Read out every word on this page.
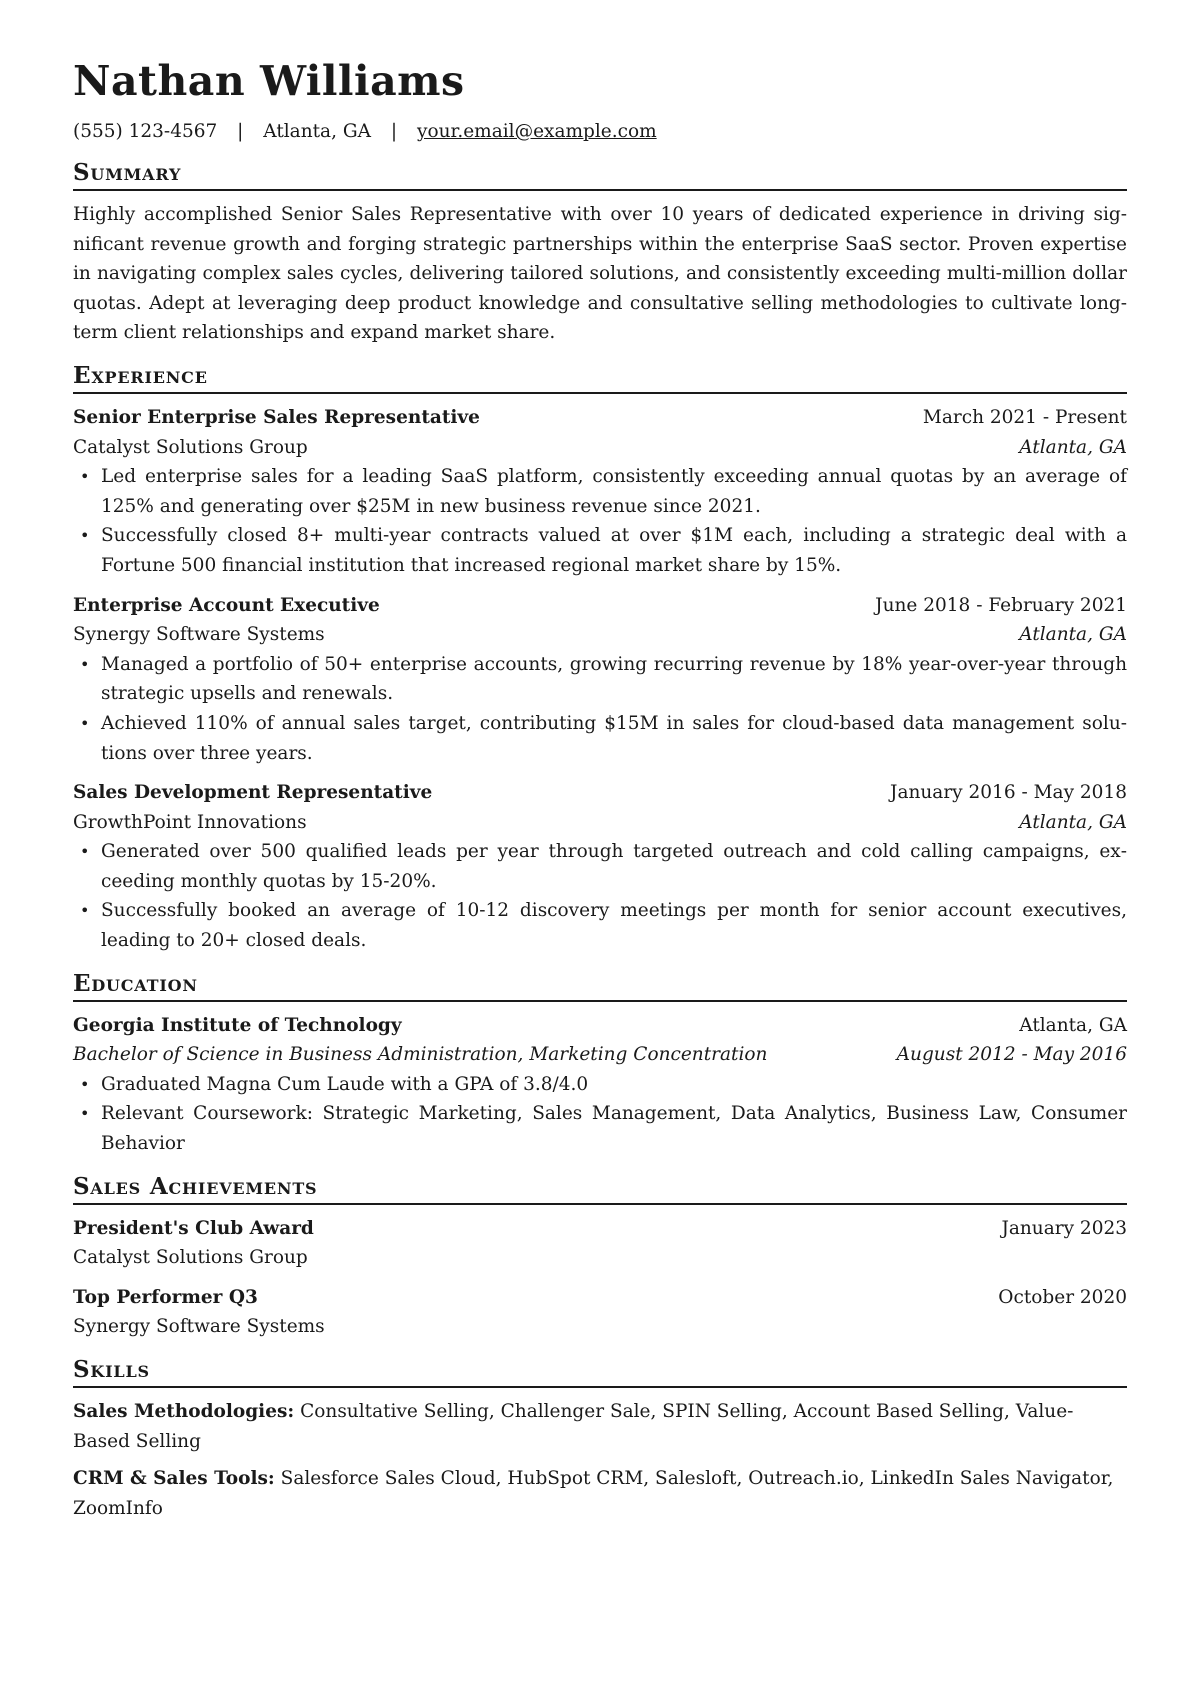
Nathan Williams
(555) 123-4567 | Atlanta, GA | your.email@example.com
Summary
Highly accomplished Senior Sales Representative with over 10 years of dedicated experience in driving significant revenue growth and forging strategic partnerships within the enterprise SaaS sector. Proven expertise in navigating complex sales cycles, delivering tailored solutions, and consistently exceeding multi-million dollar quotas. Adept at leveraging deep product knowledge and consultative selling methodologies to cultivate long-term client relationships and expand market share.
Experience
Senior Enterprise Sales Representative	March 2021 - Present
Catalyst Solutions Group	Atlanta, GA
• Led enterprise sales for a leading SaaS platform, consistently exceeding annual quotas by an average of 125% and generating over $25M in new business revenue since 2021.
• Successfully closed 8+ multi-year contracts valued at over $1M each, including a strategic deal with a Fortune 500 financial institution that increased regional market share by 15%.
Enterprise Account Executive	June 2018 - February 2021
Synergy Software Systems	Atlanta, GA
• Managed a portfolio of 50+ enterprise accounts, growing recurring revenue by 18% year-over-year through strategic upsells and renewals.
• Achieved 110% of annual sales target, contributing $15M in sales for cloud-based data management solutions over three years.
Sales Development Representative	January 2016 - May 2018
GrowthPoint Innovations	Atlanta, GA
• Generated over 500 qualified leads per year through targeted outreach and cold calling campaigns, exceeding monthly quotas by 15-20%.
• Successfully booked an average of 10-12 discovery meetings per month for senior account executives, leading to 20+ closed deals.
Education
Georgia Institute of Technology	Atlanta, GA
Bachelor of Science in Business Administration, Marketing Concentration	August 2012 - May 2016
• Graduated Magna Cum Laude with a GPA of 3.8/4.0
• Relevant Coursework: Strategic Marketing, Sales Management, Data Analytics, Business Law, Consumer Behavior
Sales Achievements
President's Club Award	January 2023
Catalyst Solutions Group
Top Performer Q3	October 2020
Synergy Software Systems
Skills
Sales Methodologies: Consultative Selling, Challenger Sale, SPIN Selling, Account Based Selling, Value-Based Selling
CRM & Sales Tools: Salesforce Sales Cloud, HubSpot CRM, Salesloft, Outreach.io, LinkedIn Sales Navigator, ZoomInfo
